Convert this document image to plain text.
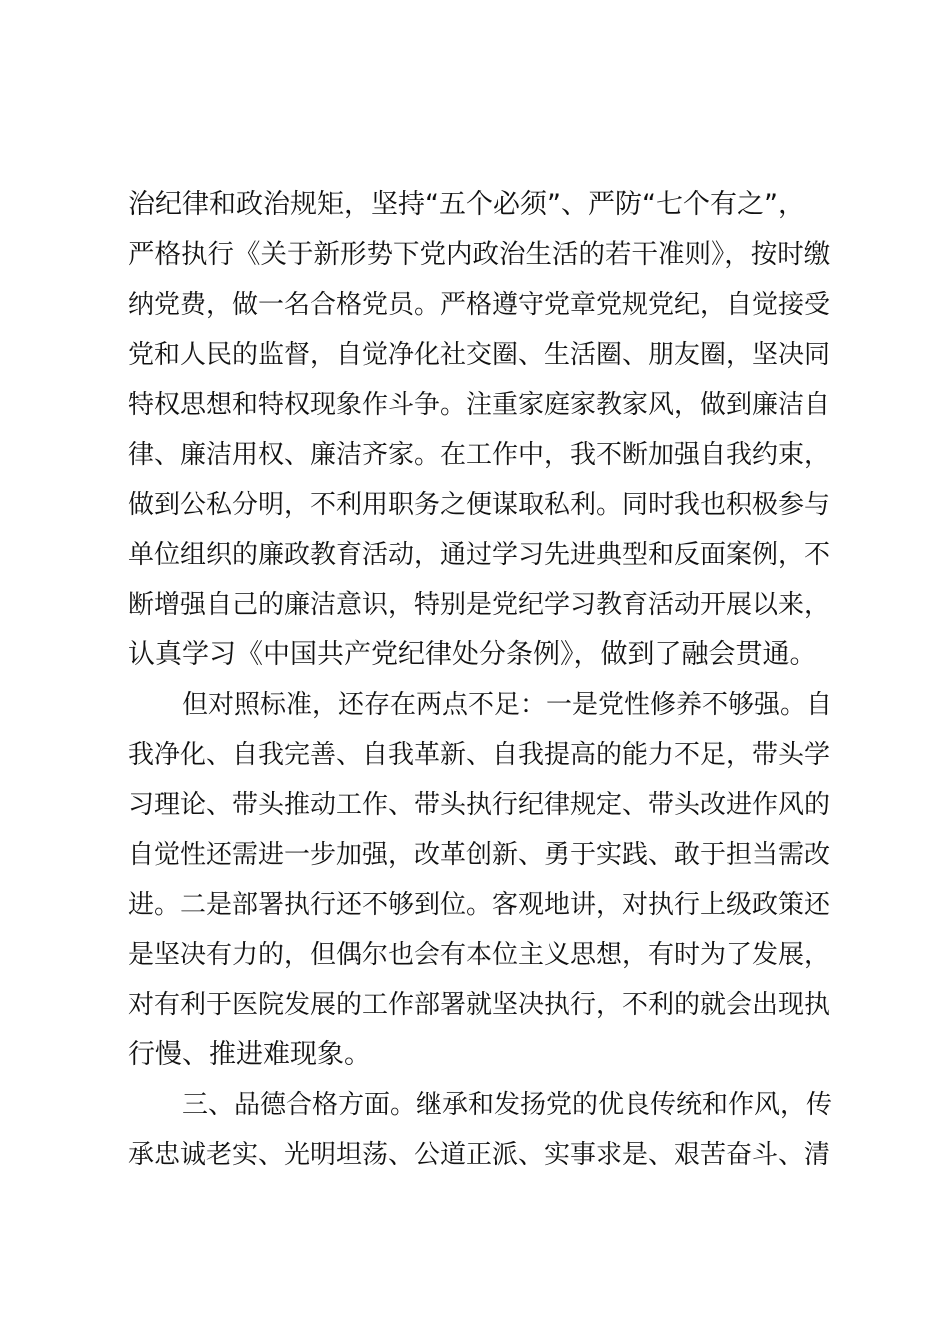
治纪律和政治规矩，坚持“五个必须”、严防“七个有之”，
严格执行《关于新形势下党内政治生活的若干准则》，按时缴
纳党费，做一名合格党员。严格遵守党章党规党纪，自觉接受
党和人民的监督，自觉净化社交圈、生活圈、朋友圈，坚决同
特权思想和特权现象作斗争。注重家庭家教家风，做到廉洁自
律、廉洁用权、廉洁齐家。在工作中，我不断加强自我约束，
做到公私分明，不利用职务之便谋取私利。同时我也积极参与
单位组织的廉政教育活动，通过学习先进典型和反面案例，不
断增强自己的廉洁意识，特别是党纪学习教育活动开展以来，
认真学习《中国共产党纪律处分条例》，做到了融会贯通。
但对照标准，还存在两点不足：一是党性修养不够强。自
我净化、自我完善、自我革新、自我提高的能力不足，带头学
习理论、带头推动工作、带头执行纪律规定、带头改进作风的
自觉性还需进一步加强，改革创新、勇于实践、敢于担当需改
进。二是部署执行还不够到位。客观地讲，对执行上级政策还
是坚决有力的，但偶尔也会有本位主义思想，有时为了发展，
对有利于医院发展的工作部署就坚决执行，不利的就会出现执
行慢、推进难现象。
三、品德合格方面。继承和发扬党的优良传统和作风，传
承忠诚老实、光明坦荡、公道正派、实事求是、艰苦奋斗、清
